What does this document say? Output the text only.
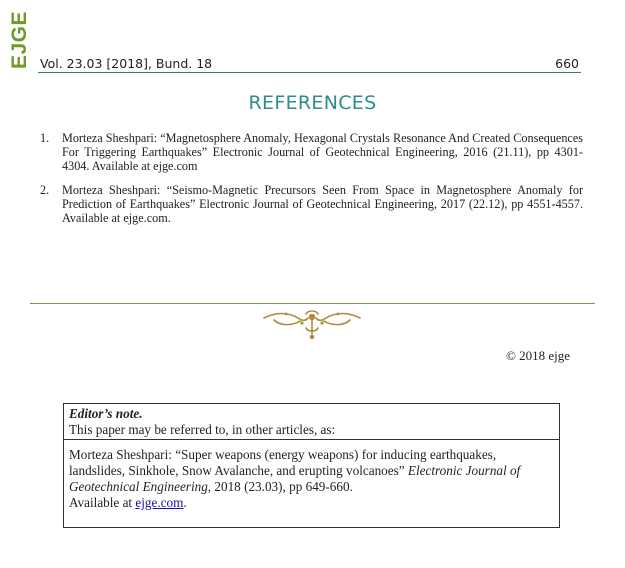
EJGE Vol. 23.03 [2018], Bund. 18	660
REFERENCES
1. Morteza Sheshpari: “Magnetosphere Anomaly, Hexagonal Crystals Resonance And Created Consequences For Triggering Earthquakes” Electronic Journal of Geotechnical Engineering, 2016 (21.11), pp 4301-4304. Available at ejge.com
2. Morteza Sheshpari: “Seismo-Magnetic Precursors Seen From Space in Magnetosphere Anomaly for Prediction of Earthquakes” Electronic Journal of Geotechnical Engineering, 2017 (22.12), pp 4551-4557. Available at ejge.com.
© 2018 ejge
Editor’s note.
This paper may be referred to, in other articles, as:
Morteza Sheshpari: “Super weapons (energy weapons) for inducing earthquakes, landslides, Sinkhole, Snow Avalanche, and erupting volcanoes” Electronic Journal of Geotechnical Engineering, 2018 (23.03), pp 649-660.
Available at ejge.com.
